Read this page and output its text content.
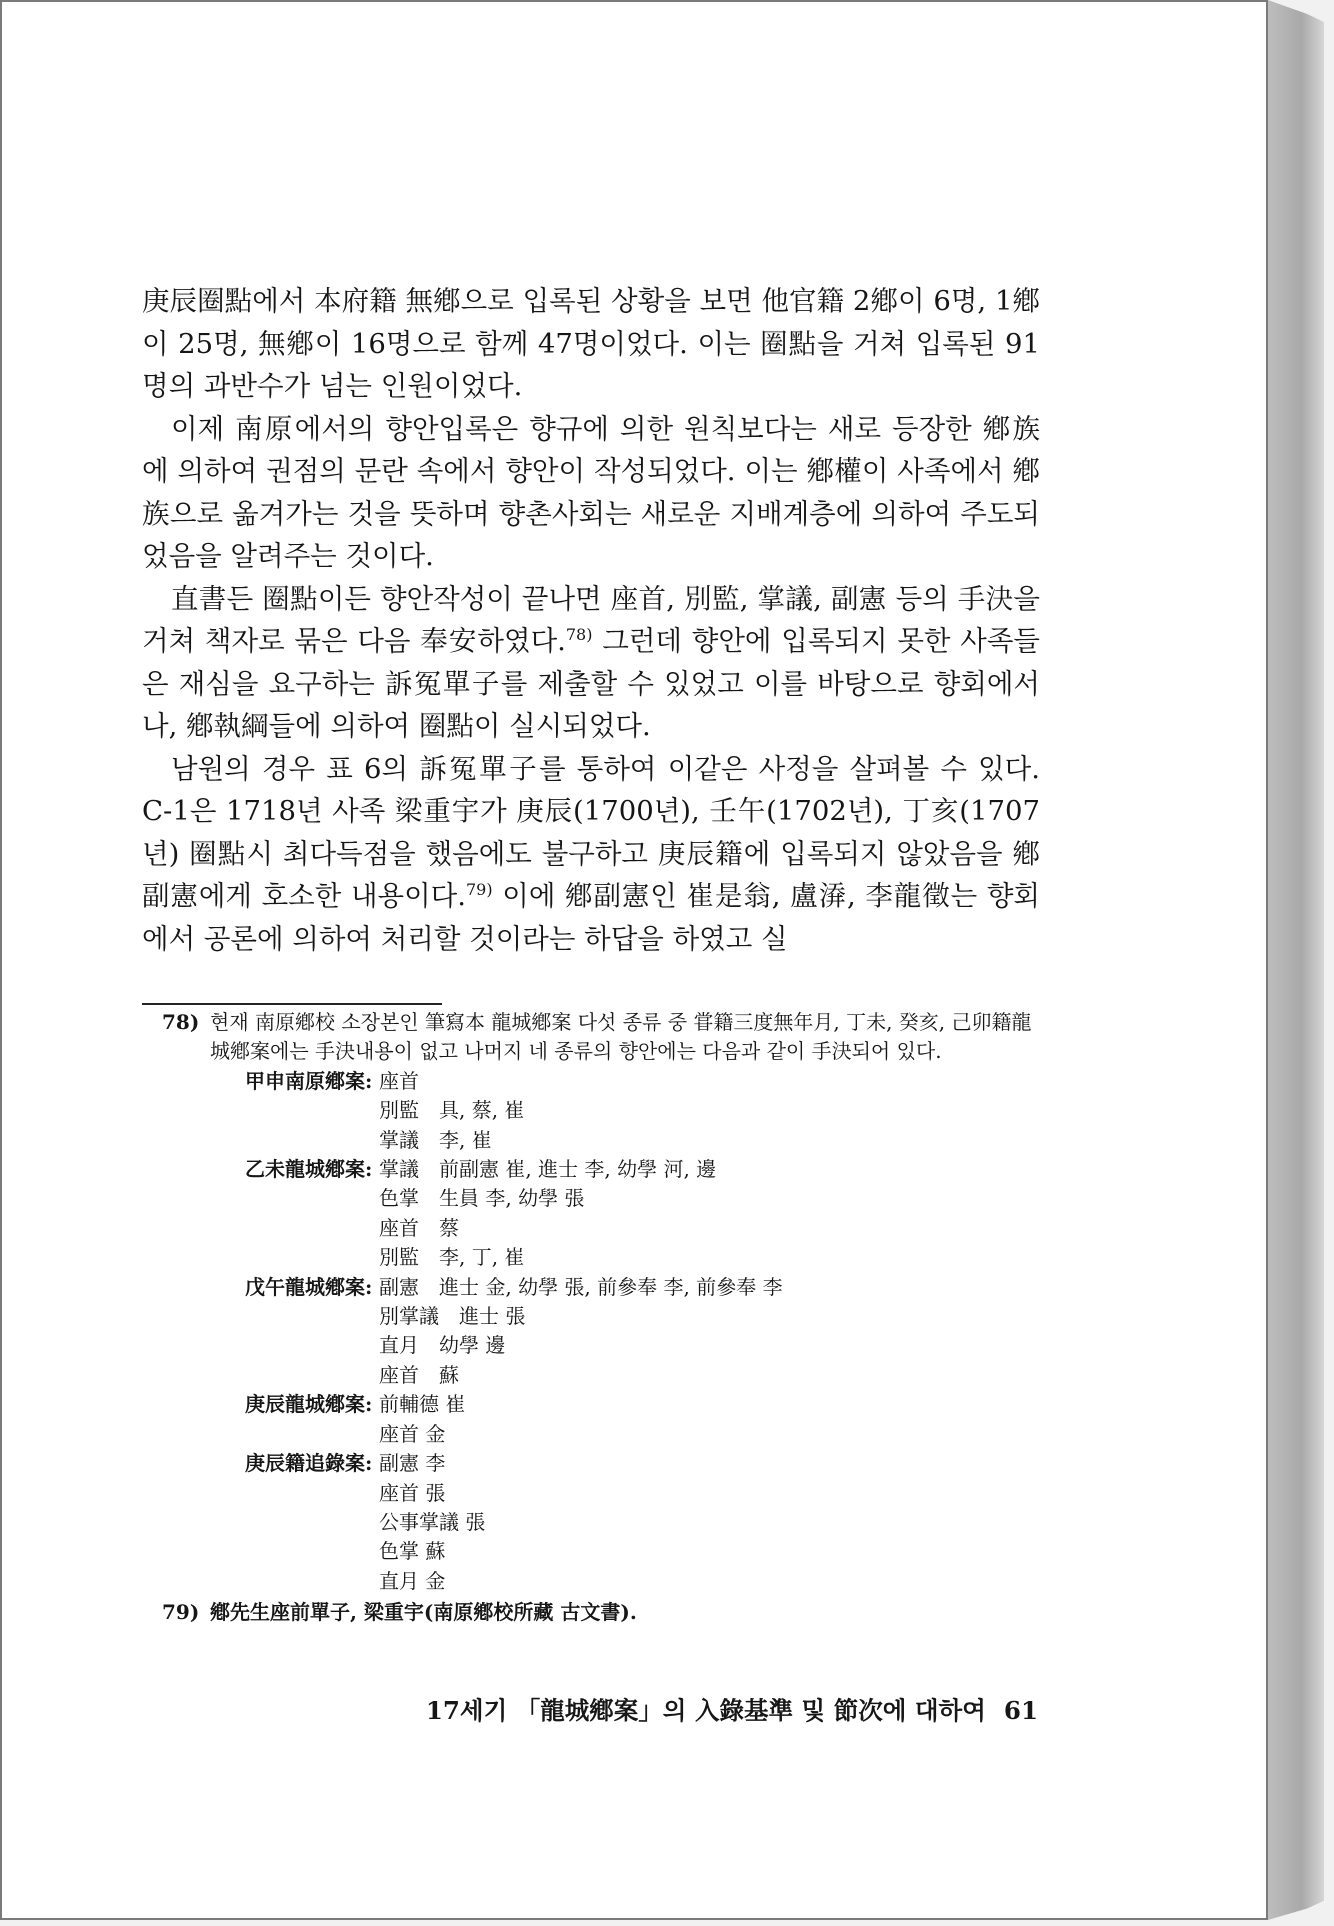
庚辰圈點에서 本府籍 無鄕으로 입록된 상황을 보면 他官籍 2鄕이 6명, 1鄕이 25명, 無鄕이 16명으로 함께 47명이었다. 이는 圈點을 거쳐 입록된 91명의 과반수가 넘는 인원이었다.

이제 南原에서의 향안입록은 향규에 의한 원칙보다는 새로 등장한 鄕族에 의하여 권점의 문란 속에서 향안이 작성되었다. 이는 鄕權이 사족에서 鄕族으로 옮겨가는 것을 뜻하며 향촌사회는 새로운 지배계층에 의하여 주도되었음을 알려주는 것이다.

直書든 圈點이든 향안작성이 끝나면 座首, 別監, 掌議, 副憲 등의 手決을 거쳐 책자로 묶은 다음 奉安하였다.$^{78)}$ 그런데 향안에 입록되지 못한 사족들은 재심을 요구하는 訴冤單子를 제출할 수 있었고 이를 바탕으로 향회에서나, 鄕執綱들에 의하여 圈點이 실시되었다.

남원의 경우 표 6의 訴冤單子를 통하여 이같은 사정을 살펴볼 수 있다. C-1은 1718년 사족 梁重宇가 庚辰(1700년), 壬午(1702년), 丁亥(1707년) 圈點시 최다득점을 했음에도 불구하고 庚辰籍에 입록되지 않았음을 鄕副憲에게 호소한 내용이다.$^{79)}$ 이에 鄕副憲인 崔是翁, 盧㴁, 李龍徵는 향회에서 공론에 의하여 처리할 것이라는 하답을 하였고 실

78) 현재 南原鄕校 소장본인 筆寫本 龍城鄕案 다섯 종류 중 甞籍三度無年月, 丁未, 癸亥, 己卯籍龍城鄕案에는 手決내용이 없고 나머지 네 종류의 향안에는 다음과 같이 手決되어 있다.

甲申南原鄕案 : 座首
別監　具, 蔡, 崔
掌議　李, 崔
乙未龍城鄕案 : 掌議　前副憲 崔, 進士 李, 幼學 河, 邊
色掌　生員 李, 幼學 張
座首　蔡
別監　李, 丁, 崔
戊午龍城鄕案 : 副憲　進士 金, 幼學 張, 前參奉 李, 前參奉 李
別掌議　進士 張
直月　幼學 邊
座首　蘇
庚辰龍城鄕案 : 前輔德 崔
座首 金
庚辰籍追錄案 : 副憲 李
座首 張
公事掌議 張
色掌 蘇
直月 金
79) 鄕先生座前單子, 梁重宇(南原鄕校所藏 古文書).
17세기 「龍城鄕案」의 入錄基準 및 節次에 대하여 61
